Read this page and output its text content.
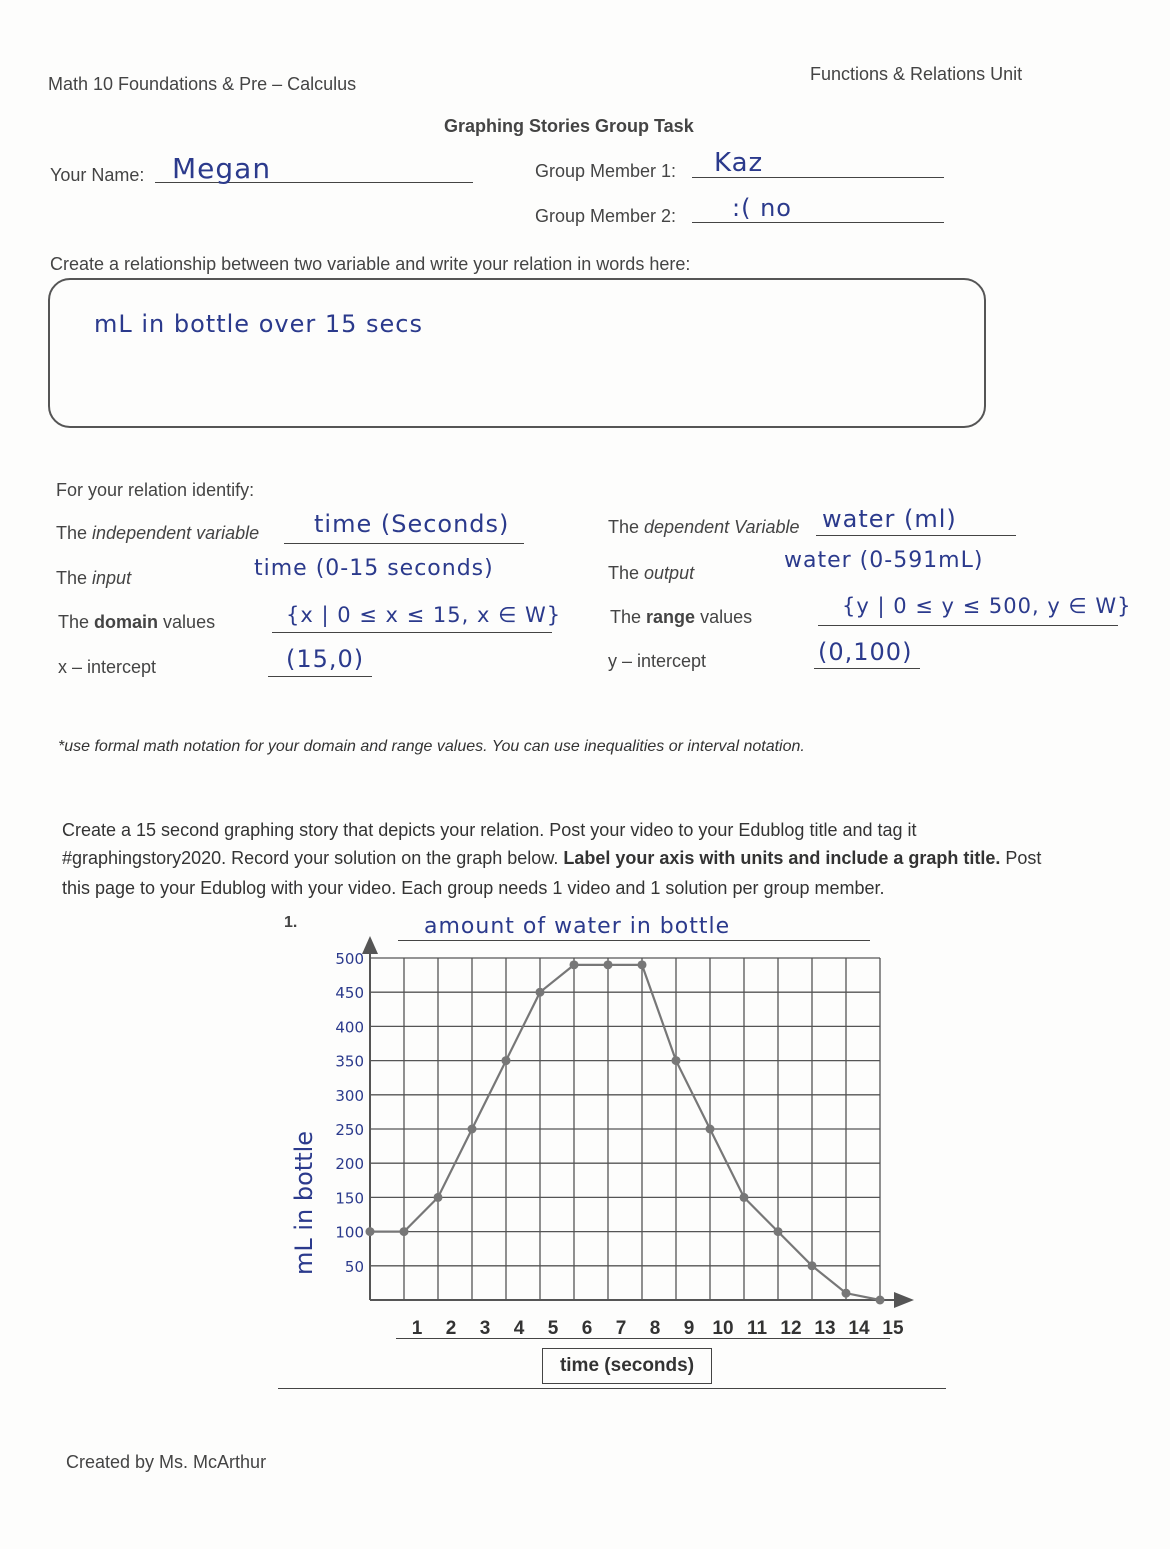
Math 10 Foundations & Pre – Calculus	Functions & Relations Unit
Graphing Stories Group Task
Your Name: Megan	Group Member 1: Kaz
Group Member 2: :( no
Create a relationship between two variable and write your relation in words here:
mL in bottle over 15 secs
For your relation identify:
The independent variable time (Seconds)	The dependent Variable water (ml)
The input	time (0-15 seconds)	The output	water (0-591mL)
The domain values	{x | 0 ≤ x ≤ 15, x ∈ W}	The range values	{y | 0 ≤ y ≤ 500, y ∈ W}
x – intercept	(15,0)	y – intercept	(0,100)
*use formal math notation for your domain and range values. You can use inequalities or interval notation.
Create a 15 second graphing story that depicts your relation. Post your video to your Edublog title and tag it
#graphingstory2020. Record your solution on the graph below. Label your axis with units and include a graph title. Post
this page to your Edublog with your video. Each group needs 1 video and 1 solution per group member.
1.	amount of water in bottle
50
100
150
200
250
300
350
400
450
500
1 2 3 4 5 6 7 8 9 10 11 12 13 14 15
mL in bottle
time (seconds)
Created by Ms. McArthur
